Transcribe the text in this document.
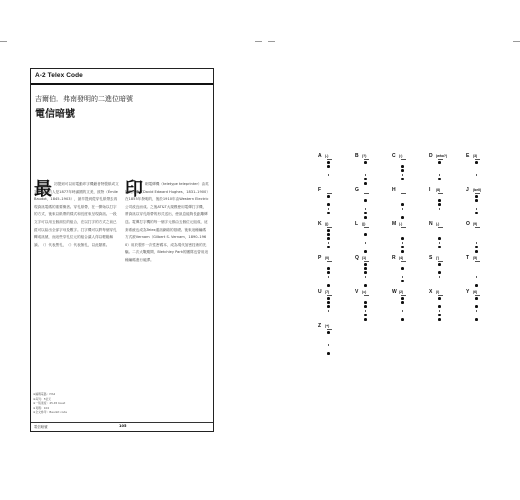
A-2 Telex Code
吉爾伯．弗南發明的二進位暗號
電信暗號
最 初提到可以用電動印字機藉者特製紙或文字來處理的人是1877年時滿國的文美，波特（Émile Baudot，1845–1903），最早提到從穿孔紙帶去再現資訊電碼的重要概者。穿孔紙帶，在一開始以打字的方式，後來以紙帶的樣式和長度來呈現資訊。一段文字可以用五個洞位的組合，在以打字的方式之前已經可以給出全部字母及數字。打字機可以將每個穿孔轉成訊號，而這些穿孔位元的組合讓人得以輕鬆解讀。（）代表黑孔，（）代表無孔，以此類推。

印 刷電傳機（teletype teleprinter）由英國的休斯（David Edward Hughes，1831–1900）在1855年發明的，後於1910年由Western Electric公司改良而成。之後AT&T大規模使用電傳打字機，將資訊以穿孔紙帶的形式送出，使訊息能夠長距離傳送。電傳打字機的每一個字元都由五個位元組成，這套系統也成為Telex通訊網絡的基礎。後來這種編碼方式被Vernam（Gilbert S. Vernam，1890–1960）用於製作一次性密碼本，成為現代加密技術的先驅。二次大戰期間，Bletchley Park的團隊也曾用這種編碼進行破譯。

※編碼電路：ITA2
※每列：5位元
※一般速度：45.45 baud
※頁碼：104
※全文參考：Baudot code
電信暗號	105
A (-)	B (?)	C (:)	D (who?)	E (3)
F	G	H	I (8)	J (bell)
K (()	L ())	M (.)	N (,)	O (9)
P (0)	Q (1)	R (4)	S (')	T (5)
U (7)	V (=)	W (2)	X (/)	Y (6)
Z (+)
